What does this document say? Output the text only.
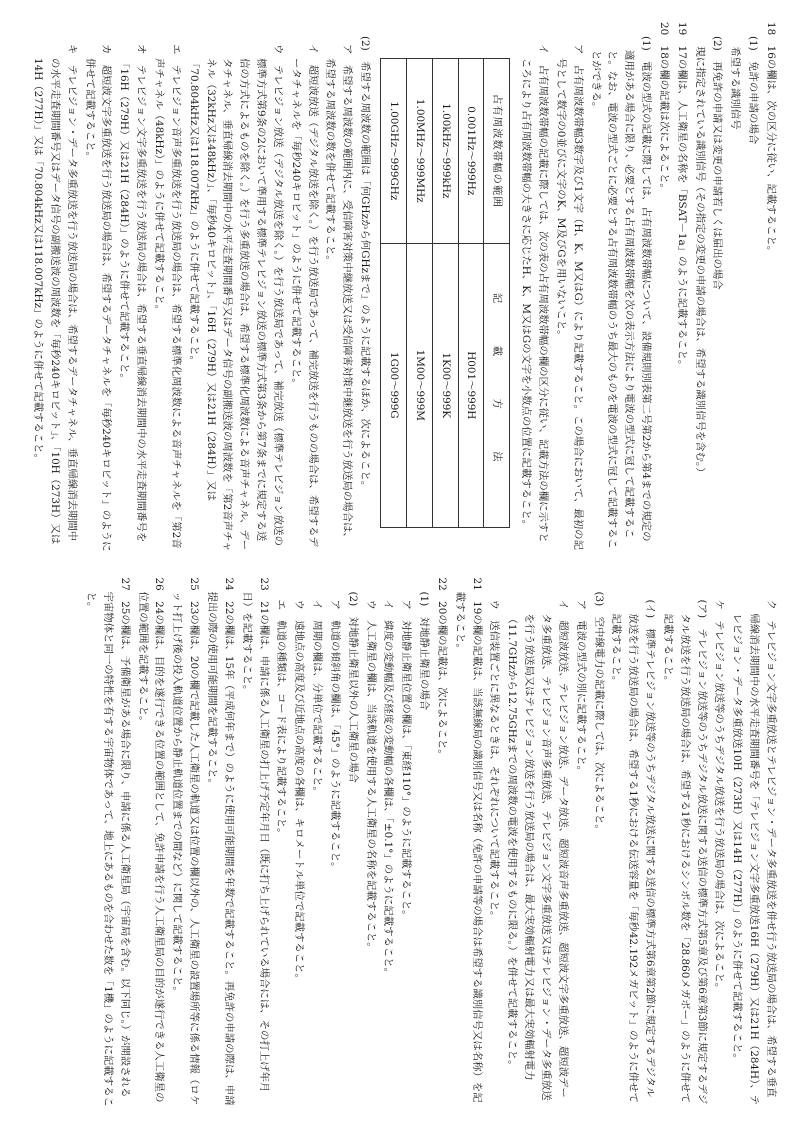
18　16の欄は、次の区分に従い、記載すること。

(1)　免許の申請の場合

　希望する識別信号

(2)　再免許の申請又は変更の申請若しくは届出の場合

　現に指定されている識別信号（その指定の変更の申請の場合は、希望する識別信号を含む。）

19　17の欄は、人工衛星の名称を「BSAT－1a」のように記載すること。

20　18の欄の記載は次によること。

(1)　電波の型式の記載に際しては、占有周波数帯幅について、設備規則別表第二号第2から第4までの規定の適用がある場合に限り、必要とする占有周波数帯幅を次の表示方法により電波の型式に冠して記載すること。なお、電波の型式ごとに必要とする占有周波数帯幅のうち最大のものを電波の型式に冠して記載することができる。

ア　占有周波数帯幅3数字及び1文字（H、K、M又はG）により記載すること。この場合において、最初の記号として数字の0並びに文字のK、M及びGを用いないこと。

イ　占有周波数帯幅の記載に際しては、次の表の占有周波数帯幅の欄の区分に従い、記載方法の欄に示すところにより占有周波数帯幅の大きさに応じたH、K、M又はGの文字を小数点の位置に記載すること。

占有周波数帯幅の範囲	記　載　方　法
0.001Hz～999Hz	H001～999H
1.00kHz～999kHz	1K00～999K
1.00MHz～999MHz	1M00～999M
1.00GHz～999GHz	1G00～999G

(2)　希望する周波数の範囲は「何GHzから何GHzまで」のように記載するほか、次によること。

ア　希望する周波数の範囲内に、受信障害対策中継放送又は受信障害対策中継放送を行う放送局の場合は、希望する周波数の数を併せて記載すること。

イ　超短波放送（デジタル放送を除く。）を行う放送局であって、補完放送を行うものの場合は、希望するデータチャネルを「毎秒240キロビット」のように併せて記載すること。

ウ　テレビジョン放送（デジタル放送を除く。）を行う放送局であって、補完放送（標準テレビジョン放送の標準方式第9条の2において準用する標準テレビジョン放送の標準方式第3条から第7条までに規定する送信の方式によるものを除く。）を行う多重放送の場合は、希望する標準化周波数による音声チャネル、データチャネル、垂直帰線消去期間中の水平走査期間番号又はデータ信号の副搬送波の周波数を「第2音声チャネル（32kHz又は48kHz）」、「毎秒40キロビット」、「16H（279H）又は21H（284H）」又は「70.804kHz又は118.007kHz」のように併せて記載すること。

エ　テレビジョン音声多重放送を行う放送局の場合は、希望する標準化周波数による音声チャネルを「第2音声チャネル（48kHz）」のように併せて記載すること。

オ　テレビジョン文字多重放送を行う放送局の場合は、希望する垂直帰線消去期間中の水平走査期間番号を「16H（279H）又は21H（284H）」のように併せて記載すること。

カ　超短波文字多重放送を行う放送局の場合は、希望するデータチャネルを「毎秒240キロビット」のように併せて記載すること。

キ　テレビジョン・データ多重放送を行う放送局の場合は、希望するデータチャネル、垂直帰線消去期間中の水平走査期間番号又はデータ信号の副搬送波の周波数を「毎秒240キロビット」、「10H（273H）又は14H（277H）」又は「70.804kHz又は118.007kHz」のように併せて記載すること。

ク　テレビジョン文字多重放送とテレビジョン・データ多重放送を併せ行う放送局の場合は、希望する垂直帰線消去期間中の水平走査期間番号を「テレビジョン文字多重放送16H（279H）又は21H（284H）、テレビジョン・データ多重放送10H（273H）又は14H（277H）」のように併せて記載すること。

ケ　テレビジョン放送等のうちデジタル放送を行う放送局の場合は、次によること。

(ア)　テレビジョン放送等のうちデジタル放送に関する送信の標準方式第5章及び第6章第3節に規定するデジタル放送を行う放送局の場合は、希望する1秒におけるシンボル数を「28.860メガボー」のように併せて記載すること。

(イ)　標準テレビジョン放送等のうちデジタル放送に関する送信の標準方式第6章第2節に規定するデジタル放送を行う放送局の場合は、希望する1秒における伝送容量を「毎秒42.192メガビット」のように併せて記載すること。

(3)　空中線電力の記載に際しては、次によること。

ア　電波の型式の別に記載すること。

イ　超短波放送、テレビジョン放送、データ放送、超短波音声多重放送、超短波文字多重放送、超短波データ多重放送、テレビジョン音声多重放送、テレビジョン文字多重放送又はテレビジョン・データ多重放送を行う放送局又はテレビジョン放送を行う放送局の場合は、最大実効輻射電力又は最大実効輻射電力（11.7GHzから12.75GHzまでの周波数の電波を使用するものに限る。）を併せて記載すること。

ウ　送信装置ごとに異なるときは、それぞれについて記載すること。

21　19の欄の記載は、当該無線局の識別信号又は名称（免許の申請等の場合は希望する識別信号又は名称）を記載すること。

22　20の欄の記載は、次によること。

(1)　対地静止衛星の場合

ア　対地静止衛星位置の欄は、「東経110°」のように記載すること。

イ　緯度の変動幅及び経度の変動幅の各欄は、「±0.1°」のように記載すること。

ウ　人工衛星の欄は、当該軌道を使用する人工衛星の名称を記載すること。

(2)　対地静止衛星以外の人工衛星の場合

ア　軌道の傾斜角の欄は、「45°」のように記載すること。

イ　周期の欄は、分単位で記載すること。

ウ　遠地点の高度及び近地点の高度の各欄は、キロメートル単位で記載すること。

エ　軌道の種類は、コード表により記載すること。

23　21の欄は、申請に係る人工衛星の打上げ予定年月日（既に打ち上げられている場合には、その打上げ年月日）を記載すること。

24　22の欄は、15年（平成何年まで）のように使用可能期間を年数で記載すること。再免許の申請の際は、申請提出の際の使用可能期間を記載すること。

25　23の欄は、20の欄で記載した人工衛星の軌道又は位置の欄以外の、人工衛星の設置場所等に係る情報（ロケット打上げ後の投入軌道位置から静止軌道位置までの間など）に関して記載すること。

26　24の欄は、目的を遂行できる位置の範囲として、免許申請を行う人工衛星局の目的が遂行できる人工衛星の位置の範囲を記載すること。

27　25の欄は、予備衛星がある場合に限り、申請に係る人工衛星局（宇宙局を含む。以下同じ。）が開設される宇宙物体と同一の特性を有する宇宙物体であって、地上にあるものを合わせた数を「1機」のように記載すること。
